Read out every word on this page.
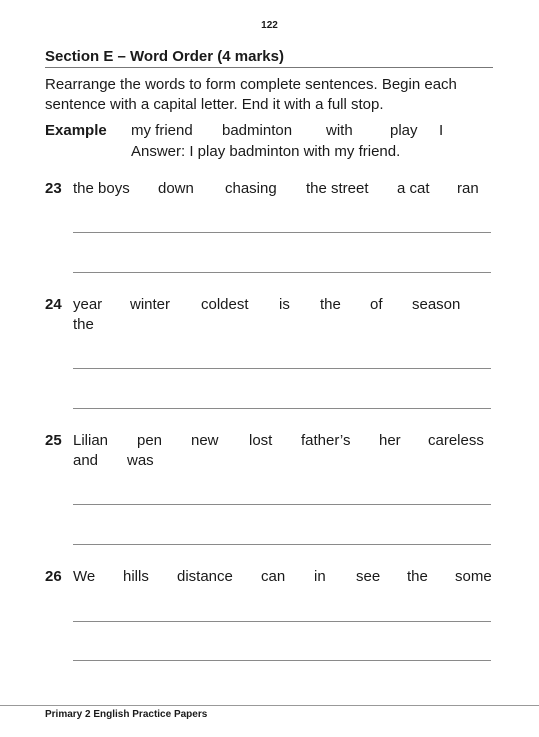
122
Section E – Word Order (4 marks)
Rearrange the words to form complete sentences. Begin each
sentence with a capital letter. End it with a full stop.
Example my friend badminton with play I
Answer: I play badminton with my friend.
23 the boys down chasing the street a cat ran
24 year winter coldest is the of season
the
25 Lilian pen new lost father’s her careless
and was
26 We hills distance can in see the some
Primary 2 English Practice Papers
